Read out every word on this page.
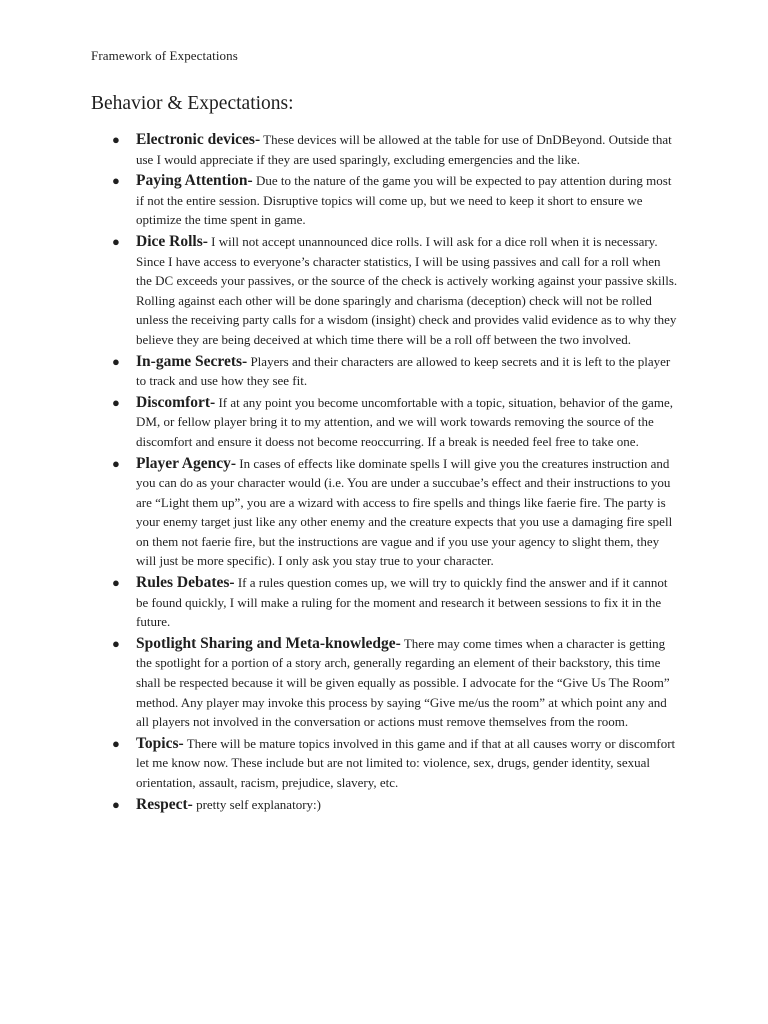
Framework of Expectations
Behavior & Expectations:
● Electronic devices- These devices will be allowed at the table for use of DnDBeyond. Outside that use I would appreciate if they are used sparingly, excluding emergencies and the like.
● Paying Attention- Due to the nature of the game you will be expected to pay attention during most if not the entire session. Disruptive topics will come up, but we need to keep it short to ensure we optimize the time spent in game.
● Dice Rolls- I will not accept unannounced dice rolls. I will ask for a dice roll when it is necessary. Since I have access to everyone’s character statistics, I will be using passives and call for a roll when the DC exceeds your passives, or the source of the check is actively working against your passive skills. Rolling against each other will be done sparingly and charisma (deception) check will not be rolled unless the receiving party calls for a wisdom (insight) check and provides valid evidence as to why they believe they are being deceived at which time there will be a roll off between the two involved.
● In-game Secrets- Players and their characters are allowed to keep secrets and it is left to the player to track and use how they see fit.
● Discomfort- If at any point you become uncomfortable with a topic, situation, behavior of the game, DM, or fellow player bring it to my attention, and we will work towards removing the source of the discomfort and ensure it doess not become reoccurring. If a break is needed feel free to take one.
● Player Agency- In cases of effects like dominate spells I will give you the creatures instruction and you can do as your character would (i.e. You are under a succubae’s effect and their instructions to you are “Light them up”, you are a wizard with access to fire spells and things like faerie fire. The party is your enemy target just like any other enemy and the creature expects that you use a damaging fire spell on them not faerie fire, but the instructions are vague and if you use your agency to slight them, they will just be more specific). I only ask you stay true to your character.
● Rules Debates- If a rules question comes up, we will try to quickly find the answer and if it cannot be found quickly, I will make a ruling for the moment and research it between sessions to fix it in the future.
● Spotlight Sharing and Meta-knowledge- There may come times when a character is getting the spotlight for a portion of a story arch, generally regarding an element of their backstory, this time shall be respected because it will be given equally as possible. I advocate for the “Give Us The Room” method. Any player may invoke this process by saying “Give me/us the room” at which point any and all players not involved in the conversation or actions must remove themselves from the room.
● Topics- There will be mature topics involved in this game and if that at all causes worry or discomfort let me know now. These include but are not limited to: violence, sex, drugs, gender identity, sexual orientation, assault, racism, prejudice, slavery, etc.
● Respect- pretty self explanatory:)
